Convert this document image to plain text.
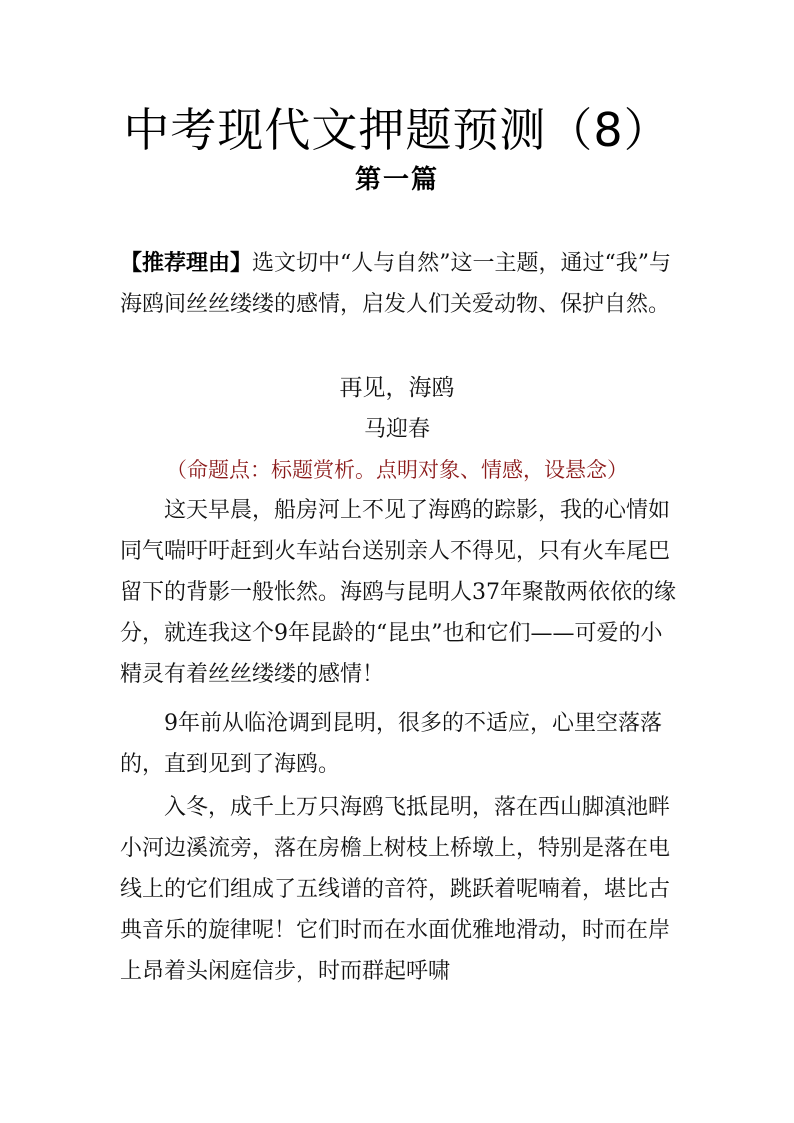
中考现代文押题预测（8）
第一篇

【推荐理由】选文切中“人与自然”这一主题，通过“我”与海鸥间丝丝缕缕的感情，启发人们关爱动物、保护自然。

再见，海鸥
马迎春
（命题点：标题赏析。点明对象、情感，设悬念）

这天早晨，船房河上不见了海鸥的踪影，我的心情如同气喘吁吁赶到火车站台送别亲人不得见，只有火车尾巴留下的背影一般怅然。海鸥与昆明人37年聚散两依依的缘分，就连我这个9年昆龄的“昆虫”也和它们——可爱的小精灵有着丝丝缕缕的感情！

9年前从临沧调到昆明，很多的不适应，心里空落落的，直到见到了海鸥。

入冬，成千上万只海鸥飞抵昆明，落在西山脚滇池畔小河边溪流旁，落在房檐上树枝上桥墩上，特别是落在电线上的它们组成了五线谱的音符，跳跃着呢喃着，堪比古典音乐的旋律呢！它们时而在水面优雅地滑动，时而在岸上昂着头闲庭信步，时而群起呼啸
